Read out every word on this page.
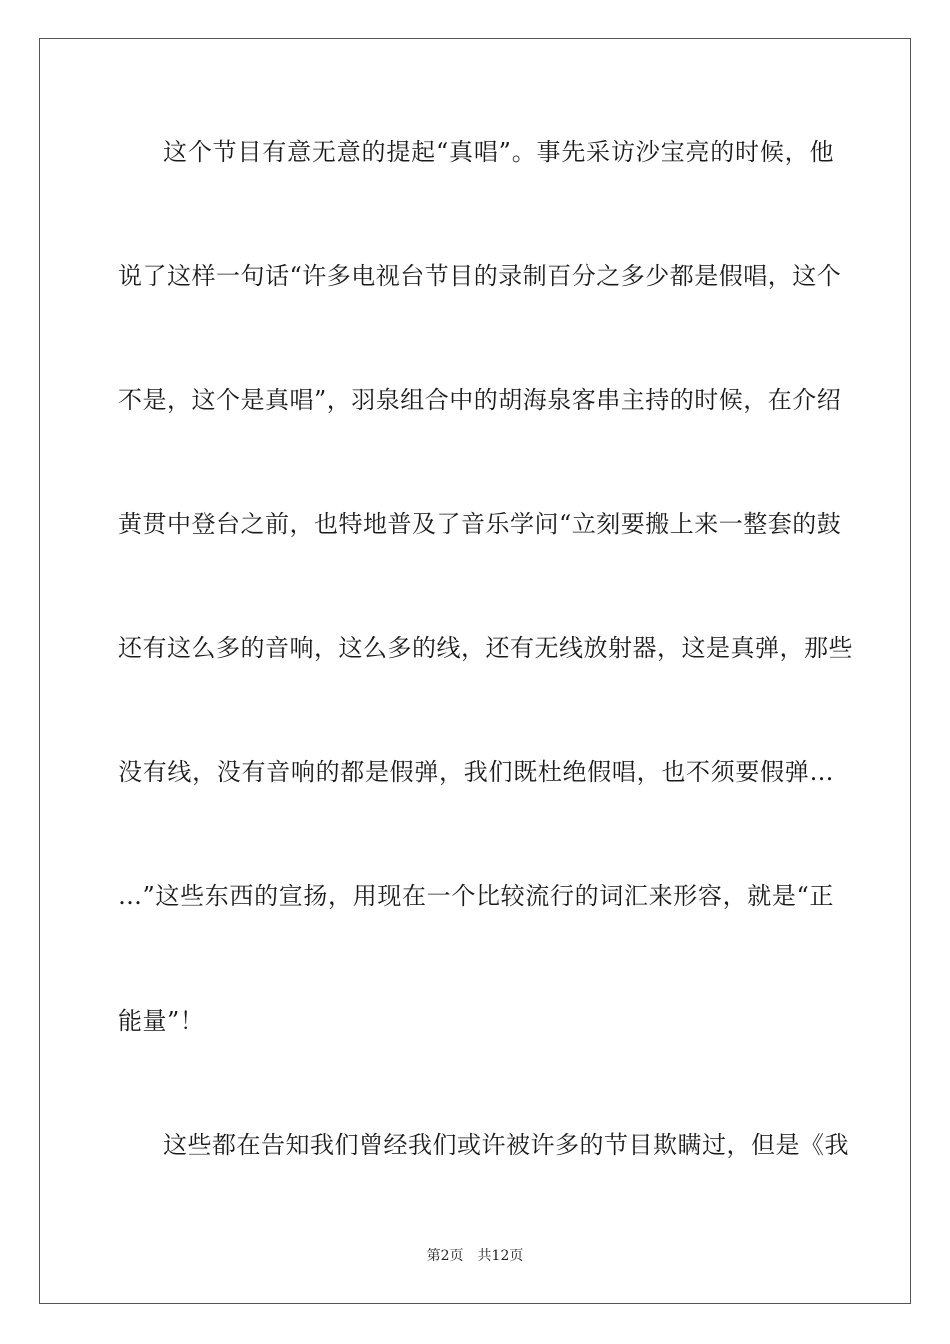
这个节目有意无意的提起“真唱”。事先采访沙宝亮的时候，他
说了这样一句话“许多电视台节目的录制百分之多少都是假唱，这个
不是，这个是真唱”，羽泉组合中的胡海泉客串主持的时候，在介绍
黄贯中登台之前，也特地普及了音乐学问“立刻要搬上来一整套的鼓
还有这么多的音响，这么多的线，还有无线放射器，这是真弹，那些
没有线，没有音响的都是假弹，我们既杜绝假唱，也不须要假弹…
…”这些东西的宣扬，用现在一个比较流行的词汇来形容，就是“正
能量”！
这些都在告知我们曾经我们或许被许多的节目欺瞒过，但是《我
第2页 共12页
